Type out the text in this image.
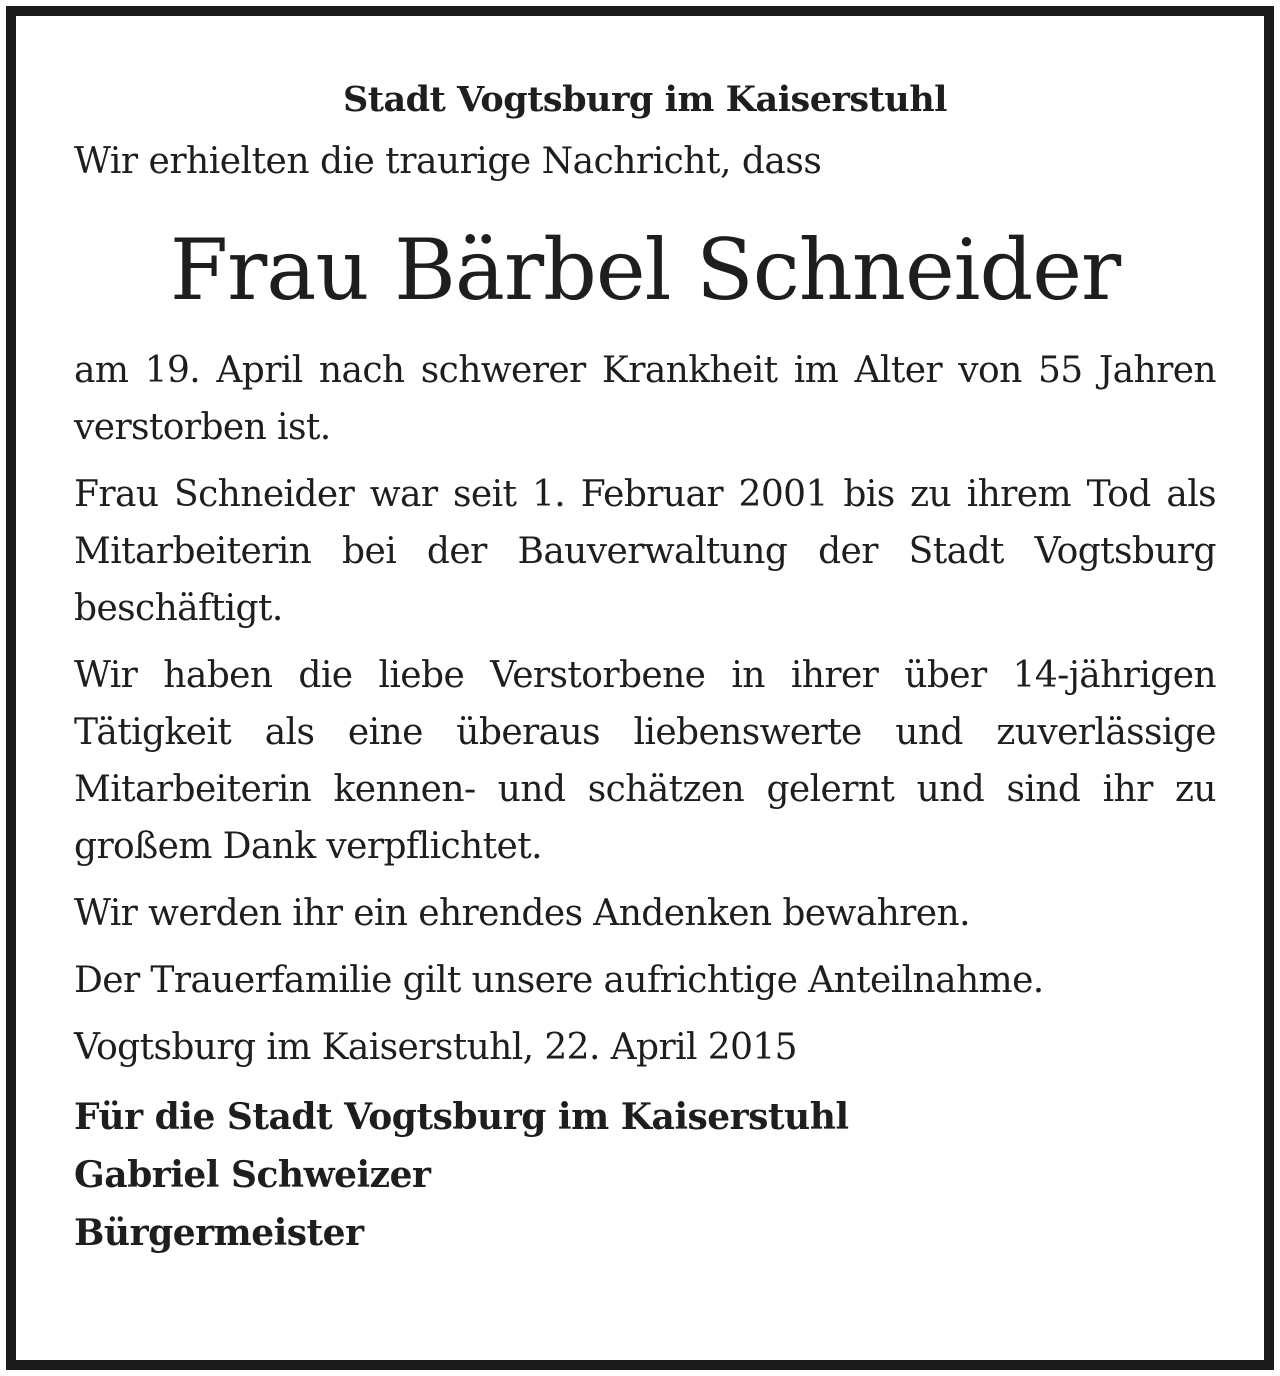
Stadt Vogtsburg im Kaiserstuhl

Wir erhielten die traurige Nachricht, dass

Frau Bärbel Schneider

am 19. April nach schwerer Krankheit im Alter von 55 Jahren verstorben ist.

Frau Schneider war seit 1. Februar 2001 bis zu ihrem Tod als Mitarbeiterin bei der Bauverwaltung der Stadt Vogtsburg beschäftigt.

Wir haben die liebe Verstorbene in ihrer über 14-jährigen Tätigkeit als eine überaus liebenswerte und zuverlässige Mitarbeiterin kennen- und schätzen gelernt und sind ihr zu großem Dank verpflichtet.

Wir werden ihr ein ehrendes Andenken bewahren.

Der Trauerfamilie gilt unsere aufrichtige Anteilnahme.

Vogtsburg im Kaiserstuhl, 22. April 2015

Für die Stadt Vogtsburg im Kaiserstuhl

Gabriel Schweizer

Bürgermeister
